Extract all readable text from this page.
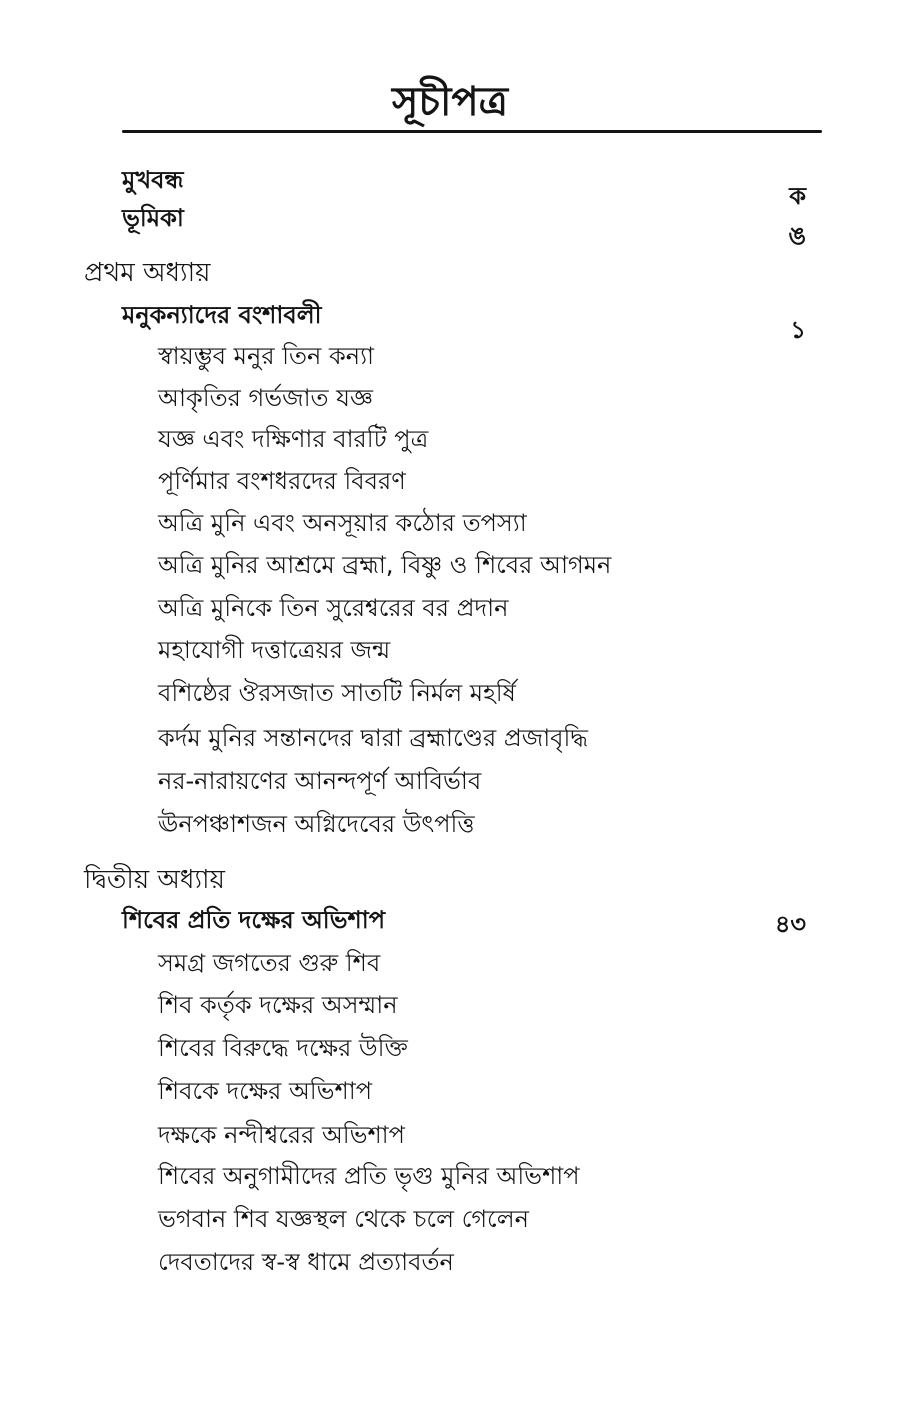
সূচীপত্র
মুখবন্ধ
ক
ভূমিকা
ঙ
প্রথম অধ্যায়
মনুকন্যাদের বংশাবলী
১
স্বায়ম্ভুব মনুর তিন কন্যা
আকৃতির গর্ভজাত যজ্ঞ
যজ্ঞ এবং দক্ষিণার বারটি পুত্র
পূর্ণিমার বংশধরদের বিবরণ
অত্রি মুনি এবং অনসূয়ার কঠোর তপস্যা
অত্রি মুনির আশ্রমে ব্রহ্মা, বিষ্ণু ও শিবের আগমন
অত্রি মুনিকে তিন সুরেশ্বরের বর প্রদান
মহাযোগী দত্তাত্রেয়র জন্ম
বশিষ্ঠের ঔরসজাত সাতটি নির্মল মহর্ষি
কর্দম মুনির সন্তানদের দ্বারা ব্রহ্মাণ্ডের প্রজাবৃদ্ধি
নর-নারায়ণের আনন্দপূর্ণ আবির্ভাব
ঊনপঞ্চাশজন অগ্নিদেবের উৎপত্তি
দ্বিতীয় অধ্যায়
শিবের প্রতি দক্ষের অভিশাপ	৪৩
সমগ্র জগতের গুরু শিব
শিব কর্তৃক দক্ষের অসম্মান
শিবের বিরুদ্ধে দক্ষের উক্তি
শিবকে দক্ষের অভিশাপ
দক্ষকে নন্দীশ্বরের অভিশাপ
শিবের অনুগামীদের প্রতি ভৃগু মুনির অভিশাপ
ভগবান শিব যজ্ঞস্থল থেকে চলে গেলেন
দেবতাদের স্ব-স্ব ধামে প্রত্যাবর্তন
